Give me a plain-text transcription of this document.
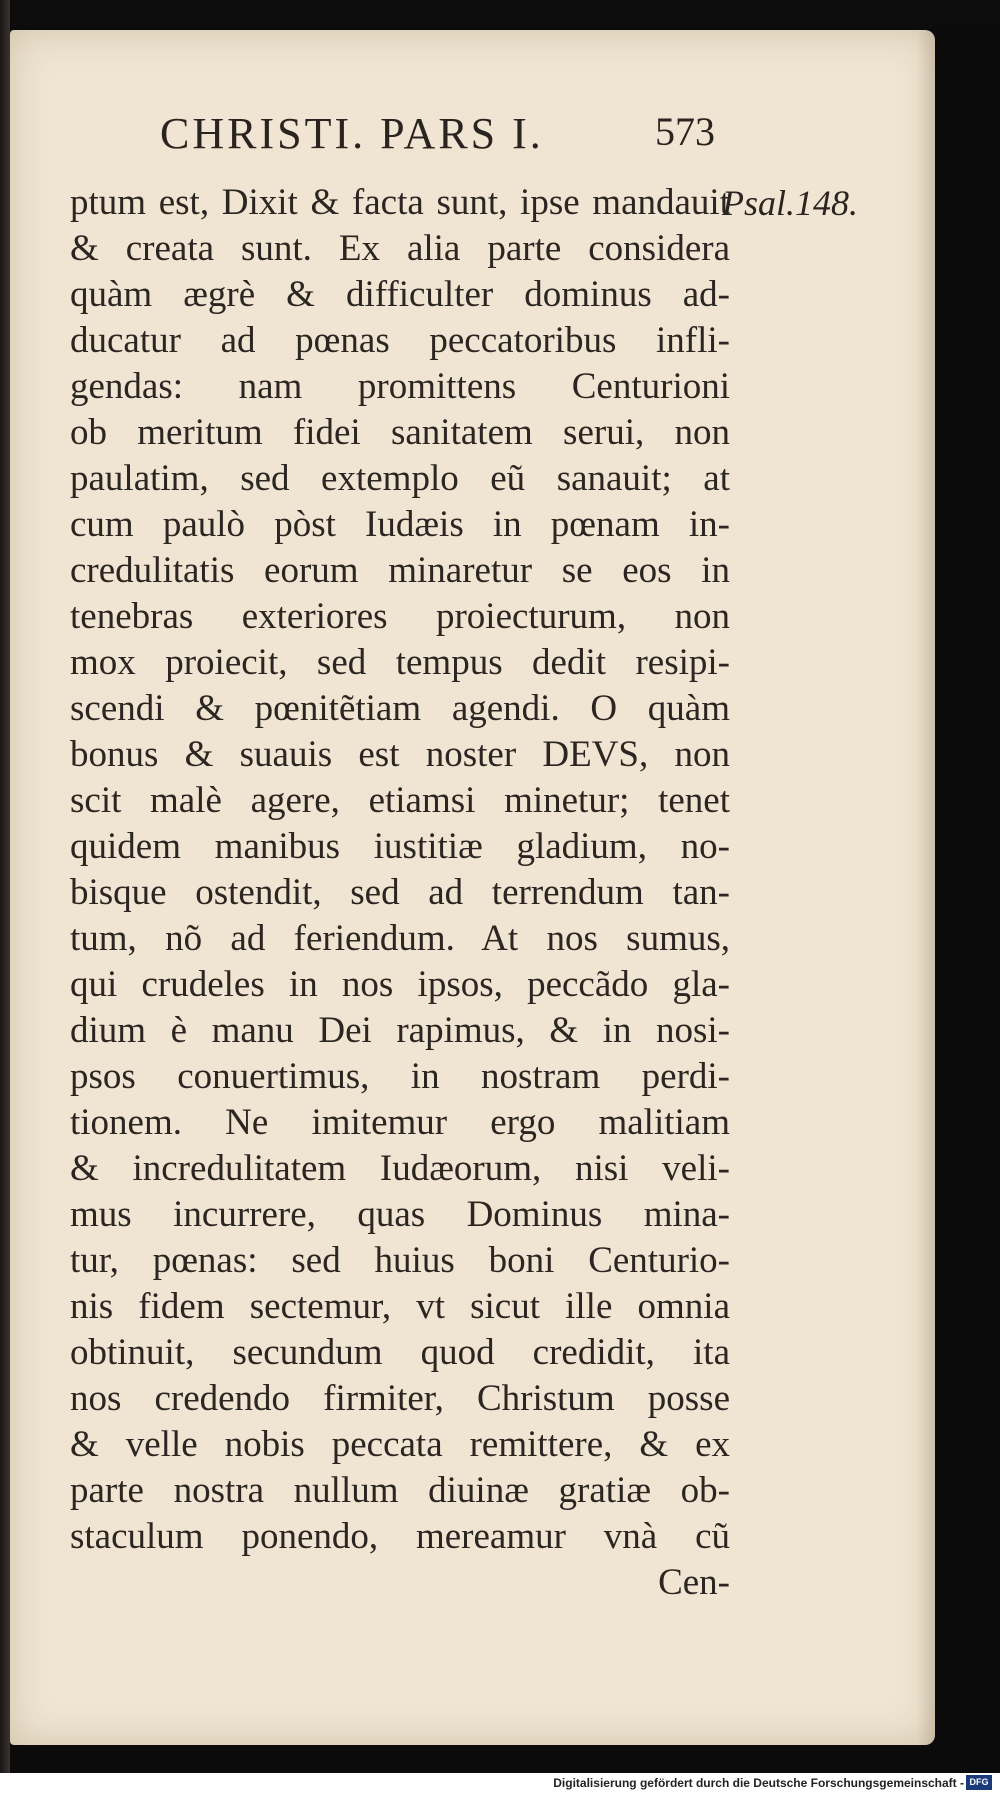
CHRISTI. PARS I.	573
Psal.148.
ptum est, Dixit & facta sunt, ipse mandauit
& creata sunt. Ex alia parte considera
quàm ægrè & difficulter dominus ad-
ducatur ad pœnas peccatoribus infli-
gendas: nam promittens Centurioni
ob meritum fidei sanitatem serui, non
paulatim, sed extemplo eũ sanauit; at
cum paulò pòst Iudæis in pœnam in-
credulitatis eorum minaretur se eos in
tenebras exteriores proiecturum, non
mox proiecit, sed tempus dedit resipi-
scendi & pœnitẽtiam agendi. O quàm
bonus & suauis est noster DEVS, non
scit malè agere, etiamsi minetur; tenet
quidem manibus iustitiæ gladium, no-
bisque ostendit, sed ad terrendum tan-
tum, nõ ad feriendum. At nos sumus,
qui crudeles in nos ipsos, peccãdo gla-
dium è manu Dei rapimus, & in nosi-
psos conuertimus, in nostram perdi-
tionem. Ne imitemur ergo malitiam
& incredulitatem Iudæorum, nisi veli-
mus incurrere, quas Dominus mina-
tur, pœnas: sed huius boni Centurio-
nis fidem sectemur, vt sicut ille omnia
obtinuit, secundum quod credidit, ita
nos credendo firmiter, Christum posse
& velle nobis peccata remittere, & ex
parte nostra nullum diuinæ gratiæ ob-
staculum ponendo, mereamur vnà cũ
Cen-
Digitalisierung gefördert durch die Deutsche Forschungsgemeinschaft - DFG
